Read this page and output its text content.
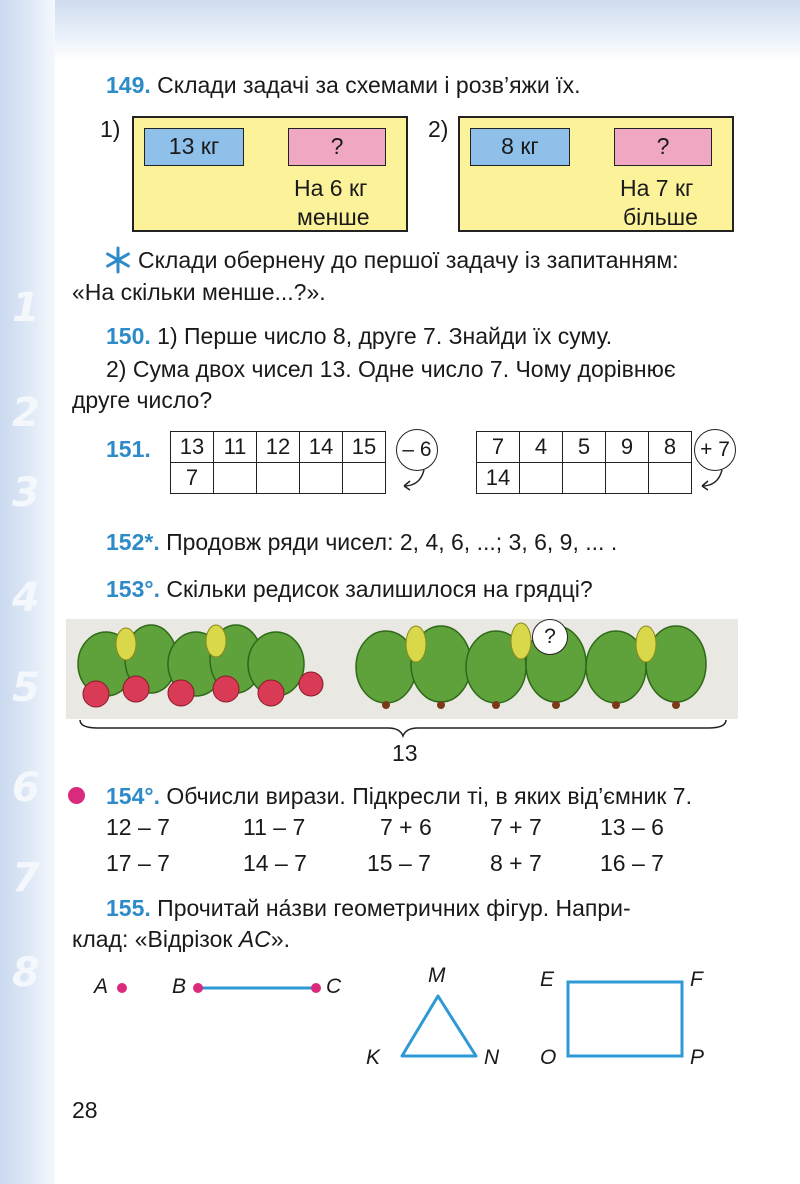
1
2
3
4
5
6
7
8
149. Склади задачі за схемами і розв’яжи їх.
1)
13 кг	?
На 6 кг
менше
2)
8 кг	?
На 7 кг
більше
Склади обернену до першої задачу із запитанням:
«На скільки менше...?».
150. 1) Перше число 8, друге 7. Знайди їх суму.
2) Сума двох чисел 13. Одне число 7. Чому дорівнює
друге число?
151. 13	11	12	14	15
7				
– 6	7	4	5	9	8
14				
+ 7
152*. Продовж ряди чисел: 2, 4, 6, ...; 3, 6, 9, ... .
153°. Скільки редисок залишилося на грядці?
?
13
154°. Обчисли вирази. Підкресли ті, в яких від’ємник 7.
12 – 7	11 – 7	7 + 6	7 + 7	13 – 6
17 – 7	14 – 7	15 – 7	8 + 7	16 – 7
155. Прочитай на́зви геометричних фігур. Напри-
клад: «Відрізок AC».
A	B	C	M
K	N
E	F
O	P
28
